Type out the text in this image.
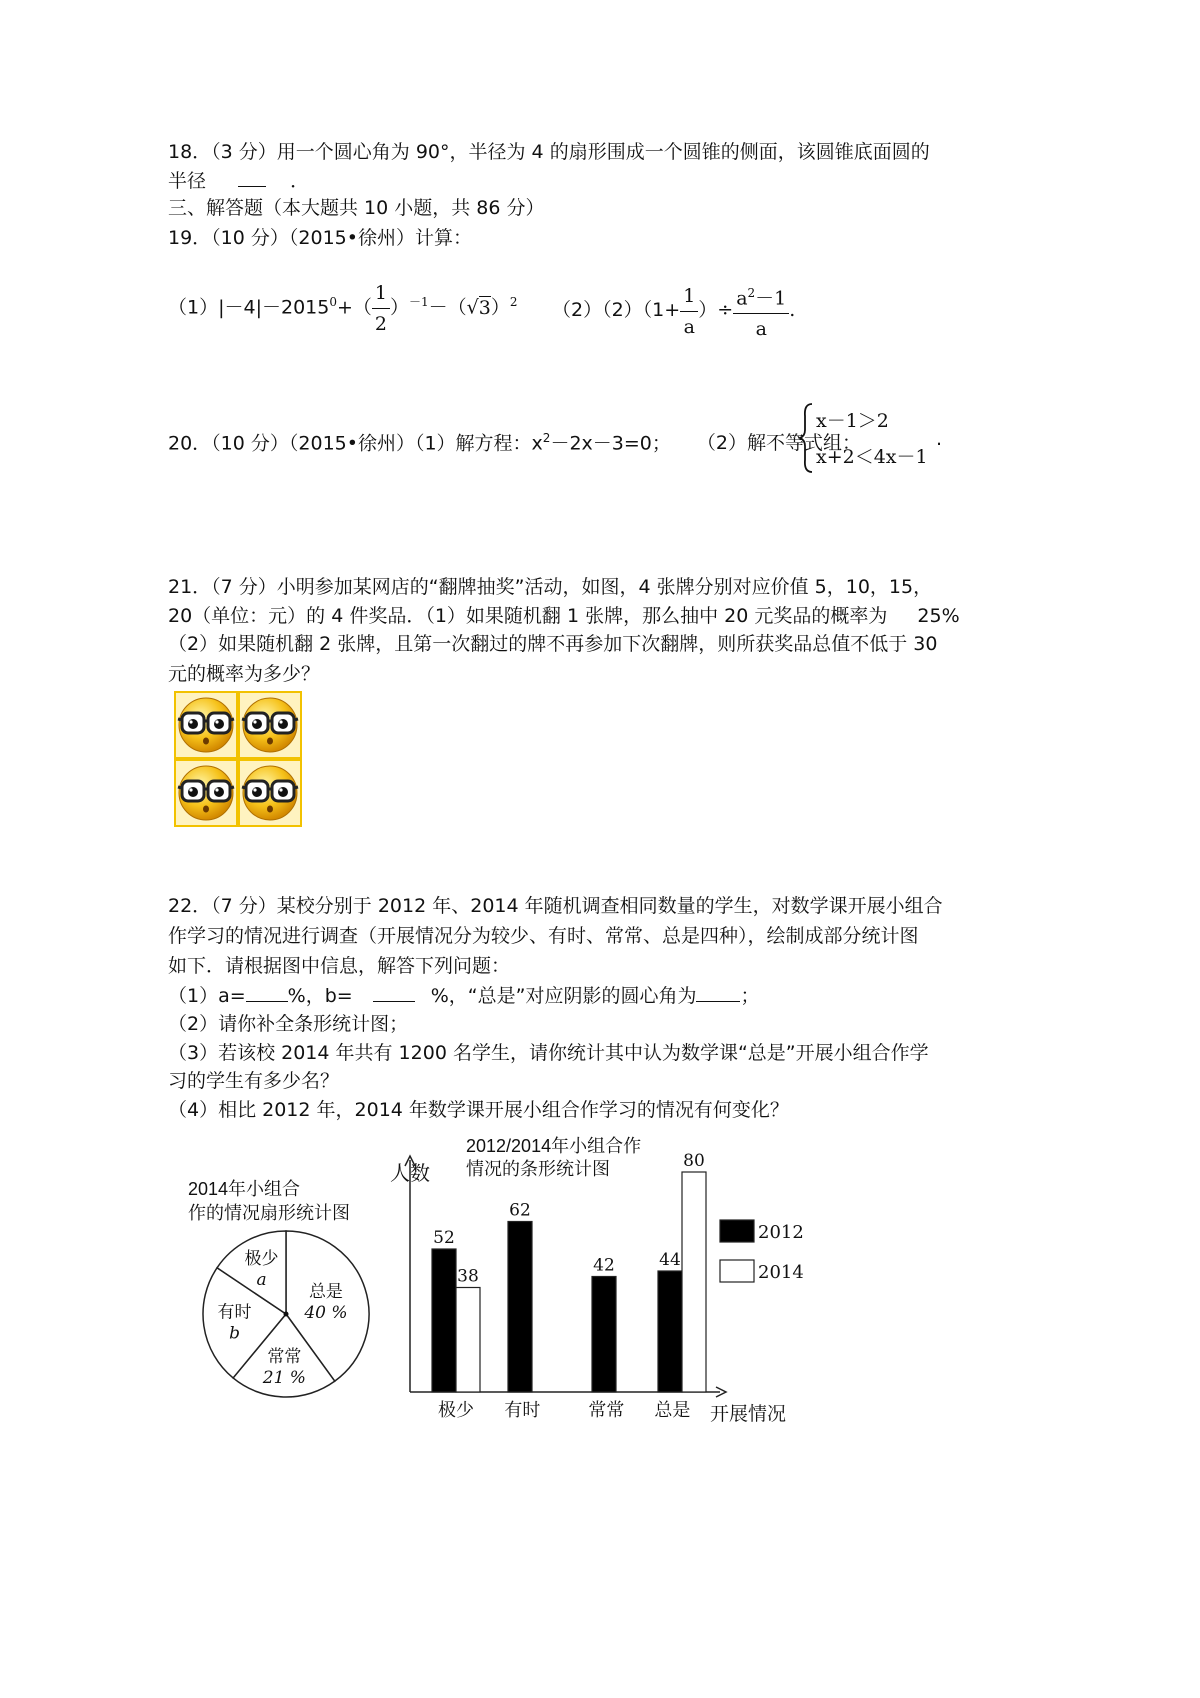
18．（3 分）用一个圆心角为 90°，半径为 4 的扇形围成一个圆锥的侧面，该圆锥底面圆的
半径	．
三、解答题（本大题共 10 小题，共 86 分）
19．（10 分）（2015•徐州）计算：
$(1)|-4|-2015^0+( \frac{1}{2} )^{-1}-(√3)^2$ $(2)(2)(1+ \frac{1}{a}$ ）÷ $\frac{a^2-1}{a}$ .
20．（10 分）（2015•徐州）（1）解方程：$x^2-2x-3=0$； （2）解不等式组：
x－1＞2
x+2＜4x－1
.
21．（7 分）小明参加某网店的“翻牌抽奖”活动，如图，4 张牌分别对应价值 5，10，15，
20（单位：元）的 4 件奖品．（1）如果随机翻 1 张牌，那么抽中 20 元奖品的概率为 25%
（2）如果随机翻 2 张牌，且第一次翻过的牌不再参加下次翻牌，则所获奖品总值不低于 30
元的概率为多少？
22．（7 分）某校分别于 2012 年、2014 年随机调查相同数量的学生，对数学课开展小组合
作学习的情况进行调查（开展情况分为较少、有时、常常、总是四种），绘制成部分统计图
如下．请根据图中信息，解答下列问题：
（1）a= %，b=	%，“总是”对应阴影的圆心角为 ；
（2）请你补全条形统计图；
（3）若该校 2014 年共有 1200 名学生，请你统计其中认为数学课“总是”开展小组合作学
习的学生有多少名？
（4）相比 2012 年，2014 年数学课开展小组合作学习的情况有何变化？
2014年小组合
作的情况扇形统计图
极少
a
有时
b
常常
21 %
总是
40 %
2012/2014年小组合作
情况的条形统计图
人数
开展情况
52
38
极少
62
有时
42
常常
44
80
总是
2012
2014
